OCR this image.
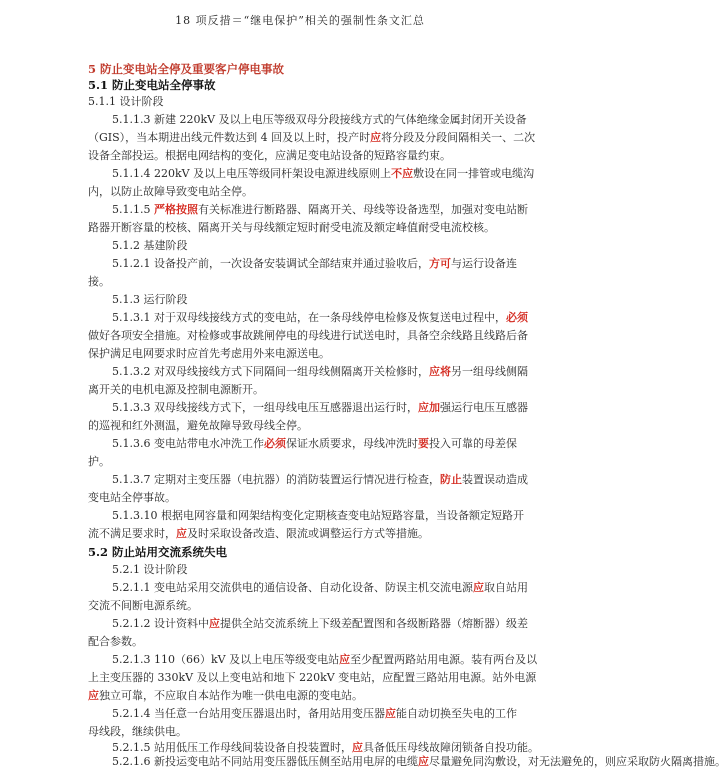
18 项反措＝“继电保护”相关的强制性条文汇总
5 防止变电站全停及重要客户停电事故
5.1 防止变电站全停事故
5.1.1 设计阶段
5.1.1.3 新建 220kV 及以上电压等级双母分段接线方式的气体绝缘金属封闭开关设备
（GIS），当本期进出线元件数达到 4 回及以上时，投产时应将分段及分段间隔相关一、二次
设备全部投运。根据电网结构的变化，应满足变电站设备的短路容量约束。
5.1.1.4 220kV 及以上电压等级同杆架设电源进线原则上不应敷设在同一排管或电缆沟
内，以防止故障导致变电站全停。
5.1.1.5 严格按照有关标准进行断路器、隔离开关、母线等设备选型，加强对变电站断
路器开断容量的校核、隔离开关与母线额定短时耐受电流及额定峰值耐受电流校核。
5.1.2 基建阶段
5.1.2.1 设备投产前，一次设备安装调试全部结束并通过验收后，方可与运行设备连
接。
5.1.3 运行阶段
5.1.3.1 对于双母线接线方式的变电站，在一条母线停电检修及恢复送电过程中，必须
做好各项安全措施。对检修或事故跳闸停电的母线进行试送电时，具备空余线路且线路后备
保护满足电网要求时应首先考虑用外来电源送电。
5.1.3.2 对双母线接线方式下同隔间一组母线侧隔离开关检修时，应将另一组母线侧隔
离开关的电机电源及控制电源断开。
5.1.3.3 双母线接线方式下，一组母线电压互感器退出运行时，应加强运行电压互感器
的巡视和红外测温，避免故障导致母线全停。
5.1.3.6 变电站带电水冲洗工作必须保证水质要求，母线冲洗时要投入可靠的母差保
护。
5.1.3.7 定期对主变压器（电抗器）的消防装置运行情况进行检查，防止装置误动造成
变电站全停事故。
5.1.3.10 根据电网容量和网架结构变化定期核查变电站短路容量，当设备额定短路开
流不满足要求时，应及时采取设备改造、限流或调整运行方式等措施。
5.2 防止站用交流系统失电
5.2.1 设计阶段
5.2.1.1 变电站采用交流供电的通信设备、自动化设备、防误主机交流电源应取自站用
交流不间断电源系统。
5.2.1.2 设计资料中应提供全站交流系统上下级差配置图和各级断路器（熔断器）级差
配合参数。
5.2.1.3 110（66）kV 及以上电压等级变电站应至少配置两路站用电源。装有两台及以
上主变压器的 330kV 及以上变电站和地下 220kV 变电站，应配置三路站用电源。站外电源
应独立可靠，不应取自本站作为唯一供电电源的变电站。
5.2.1.4 当任意一台站用变压器退出时，备用站用变压器应能自动切换至失电的工作
母线段，继续供电。
5.2.1.5 站用低压工作母线间装设备自投装置时，应具备低压母线故障闭锁备自投功能。
5.2.1.6 新投运变电站不同站用变压器低压侧至站用电屏的电缆应尽量避免同沟敷设，对无法避免的，则应采取防火隔离措施。
